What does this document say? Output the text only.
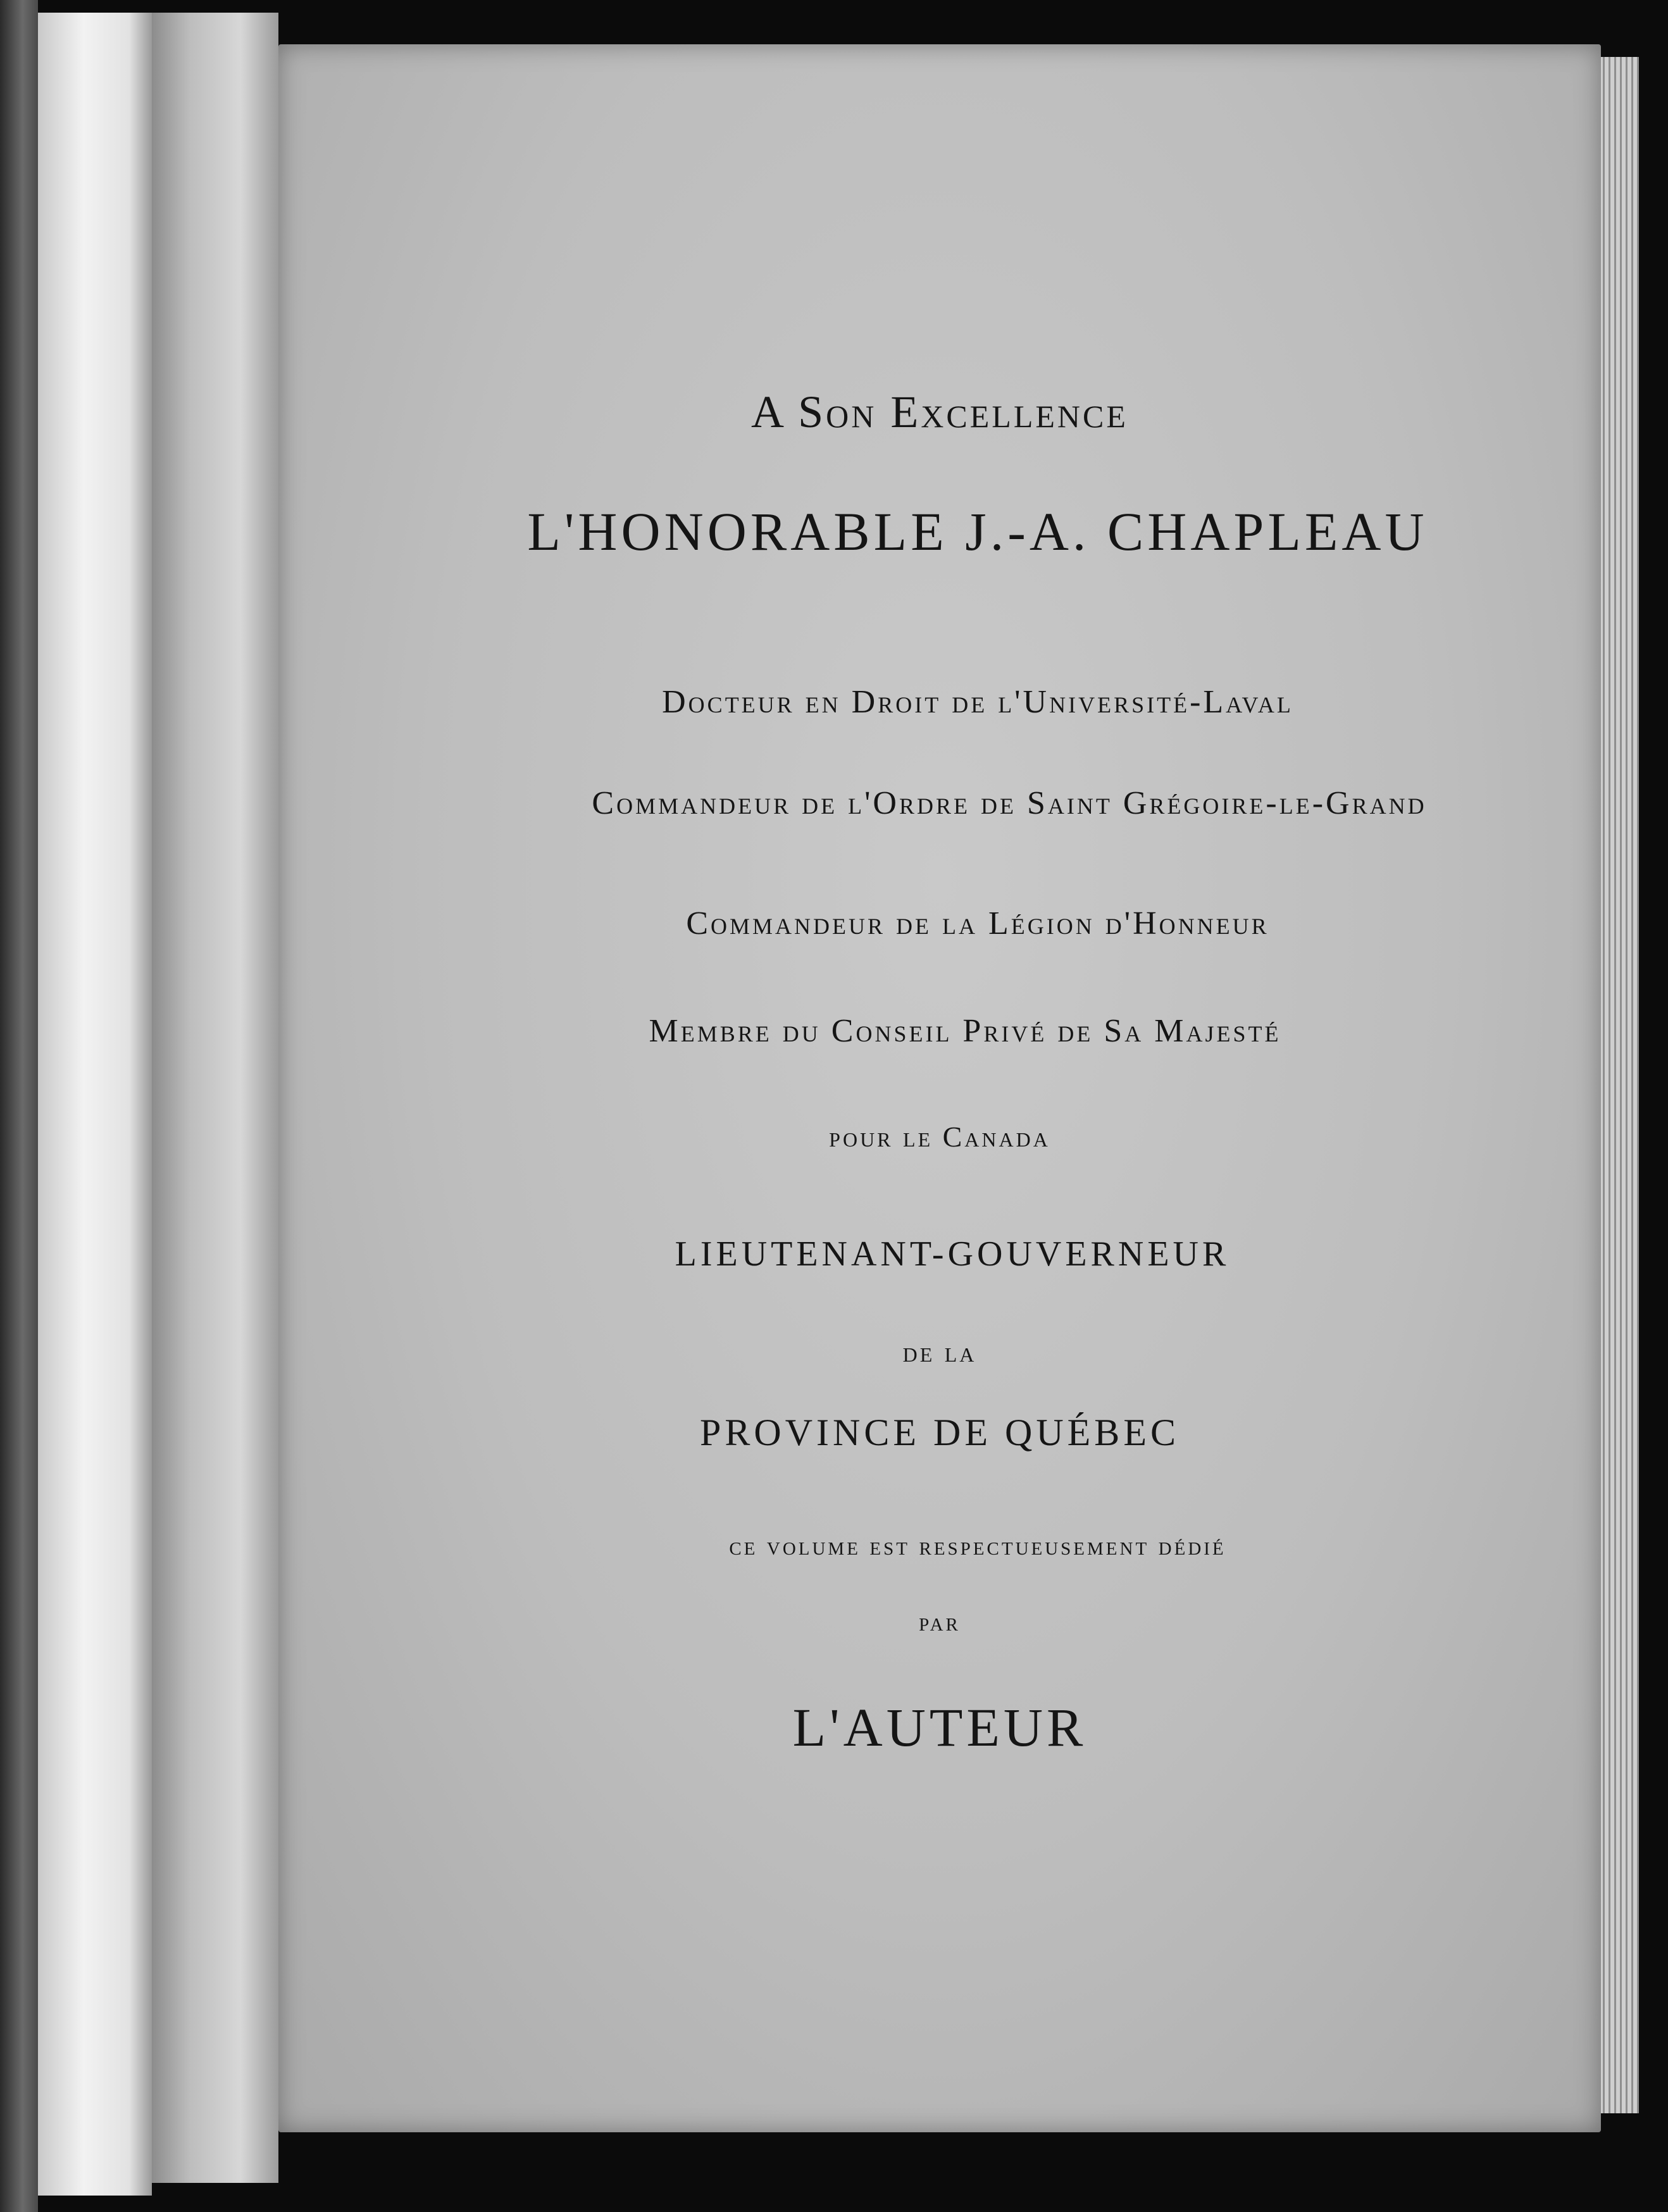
A Son Excellence
L'HONORABLE J.-A. CHAPLEAU
Docteur en Droit de l'Université-Laval
Commandeur de l'Ordre de Saint Grégoire-le-Grand
Commandeur de la Légion d'Honneur
Membre du Conseil Privé de Sa Majesté
pour le Canada
LIEUTENANT-GOUVERNEUR
de la
PROVINCE DE QUÉBEC
ce volume est respectueusement dédié
par
L'AUTEUR
